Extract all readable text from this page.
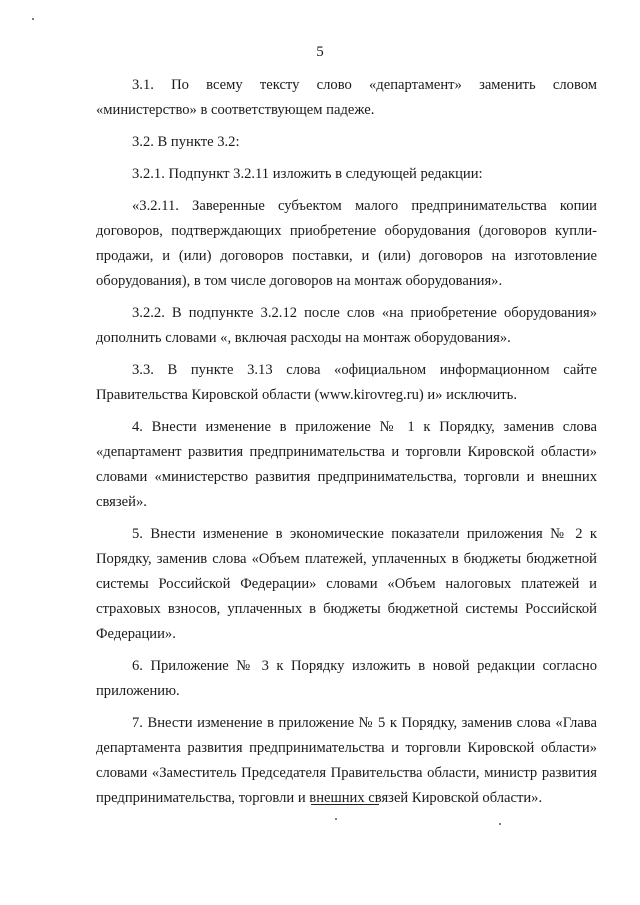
5

3.1. По всему тексту слово «департамент» заменить словом «министерство» в соответствующем падеже.

3.2. В пункте 3.2:

3.2.1. Подпункт 3.2.11 изложить в следующей редакции:

«3.2.11. Заверенные субъектом малого предпринимательства копии договоров, подтверждающих приобретение оборудования (договоров купли-продажи, и (или) договоров поставки, и (или) договоров на изготовление оборудования), в том числе договоров на монтаж оборудования».

3.2.2. В подпункте 3.2.12 после слов «на приобретение оборудования» дополнить словами «, включая расходы на монтаж оборудования».

3.3. В пункте 3.13 слова «официальном информационном сайте Правительства Кировской области (www.kirovreg.ru) и» исключить.

4. Внести изменение в приложение № 1 к Порядку, заменив слова «департамент развития предпринимательства и торговли Кировской области» словами «министерство развития предпринимательства, торговли и внешних связей».

5. Внести изменение в экономические показатели приложения № 2 к Порядку, заменив слова «Объем платежей, уплаченных в бюджеты бюджетной системы Российской Федерации» словами «Объем налоговых платежей и страховых взносов, уплаченных в бюджеты бюджетной системы Российской Федерации».

6. Приложение № 3 к Порядку изложить в новой редакции согласно приложению.

7. Внести изменение в приложение № 5 к Порядку, заменив слова «Глава департамента развития предпринимательства и торговли Кировской области» словами «Заместитель Председателя Правительства области, министр развития предпринимательства, торговли и внешних связей Кировской области».
